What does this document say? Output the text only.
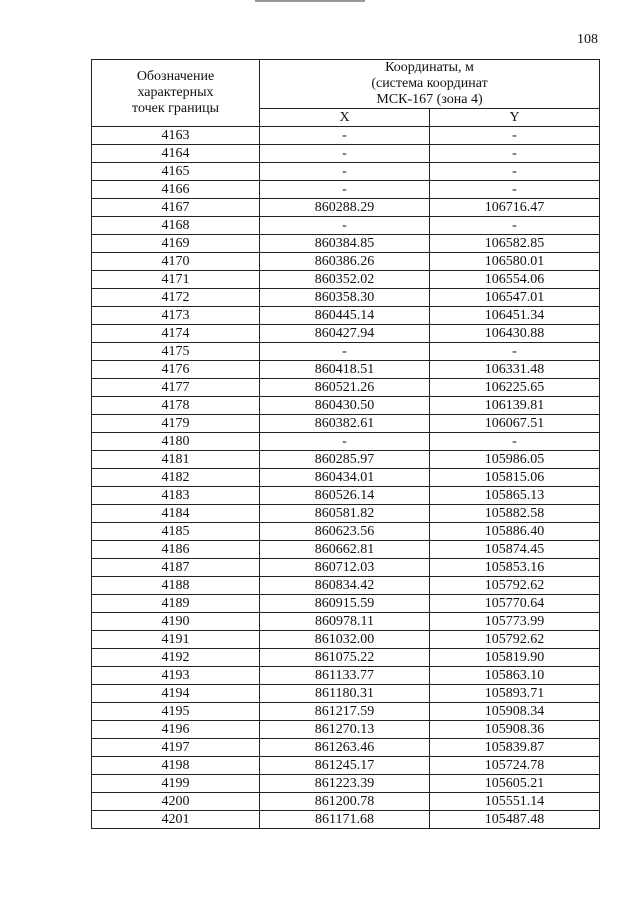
108
Обозначение
характерных
точек границы	Координаты, м
(система координат
МСК-167 (зона 4)	

	X	Y
4163	-	-
4164	-	-
4165	-	-
4166	-	-
4167	860288.29	106716.47
4168	-	-
4169	860384.85	106582.85
4170	860386.26	106580.01
4171	860352.02	106554.06
4172	860358.30	106547.01
4173	860445.14	106451.34
4174	860427.94	106430.88
4175	-	-
4176	860418.51	106331.48
4177	860521.26	106225.65
4178	860430.50	106139.81
4179	860382.61	106067.51
4180	-	-
4181	860285.97	105986.05
4182	860434.01	105815.06
4183	860526.14	105865.13
4184	860581.82	105882.58
4185	860623.56	105886.40
4186	860662.81	105874.45
4187	860712.03	105853.16
4188	860834.42	105792.62
4189	860915.59	105770.64
4190	860978.11	105773.99
4191	861032.00	105792.62
4192	861075.22	105819.90
4193	861133.77	105863.10
4194	861180.31	105893.71
4195	861217.59	105908.34
4196	861270.13	105908.36
4197	861263.46	105839.87
4198	861245.17	105724.78
4199	861223.39	105605.21
4200	861200.78	105551.14
4201	861171.68	105487.48
